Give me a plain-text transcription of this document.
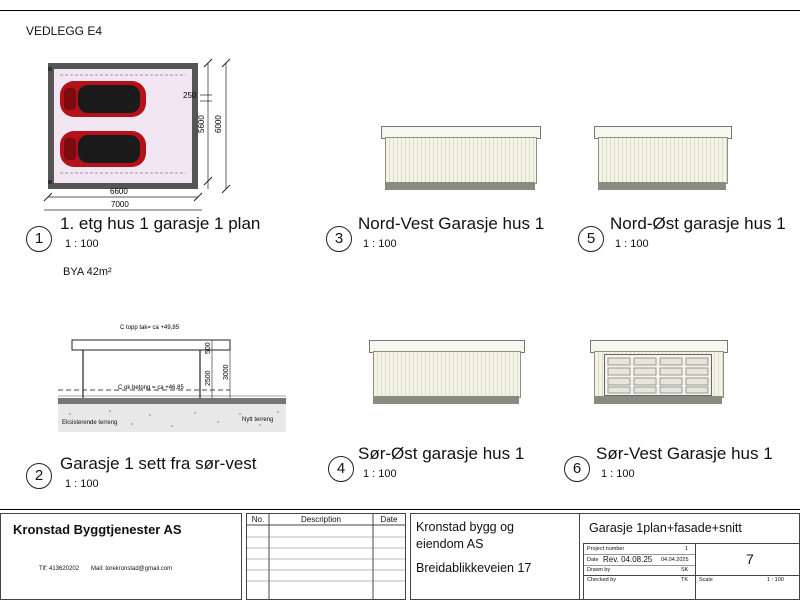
VEDLEGG E4
250
5600 6000
6600
7000
1
1. etg hus 1 garasje 1 plan
1 : 100
BYA 42m²
3
Nord-Vest Garasje hus 1
1 : 100	5
Nord-Øst garasje hus 1
1 : 100
C topp tak= ca +49,85
C ok betong = ca +46,85
500
2500 3000
Eksisterende terreng	Nytt terreng
2
Garasje 1 sett fra sør-vest
1 : 100
4
Sør-Øst garasje hus 1
1 : 100	6
Sør-Vest Garasje hus 1
1 : 100
Kronstad Byggtjenester AS
Tlf: 413620202 Mail: torekronstad@gmail.com
No.	Description	Date
Kronstad bygg og
eiendom AS
Breidablikkeveien 17
Garasje 1plan+fasade+snitt
Project number	1
Date Rev. 04.08.25 04.04.2025
Drawn by	SK
Checked by	TK
7
Scale	1 : 100
